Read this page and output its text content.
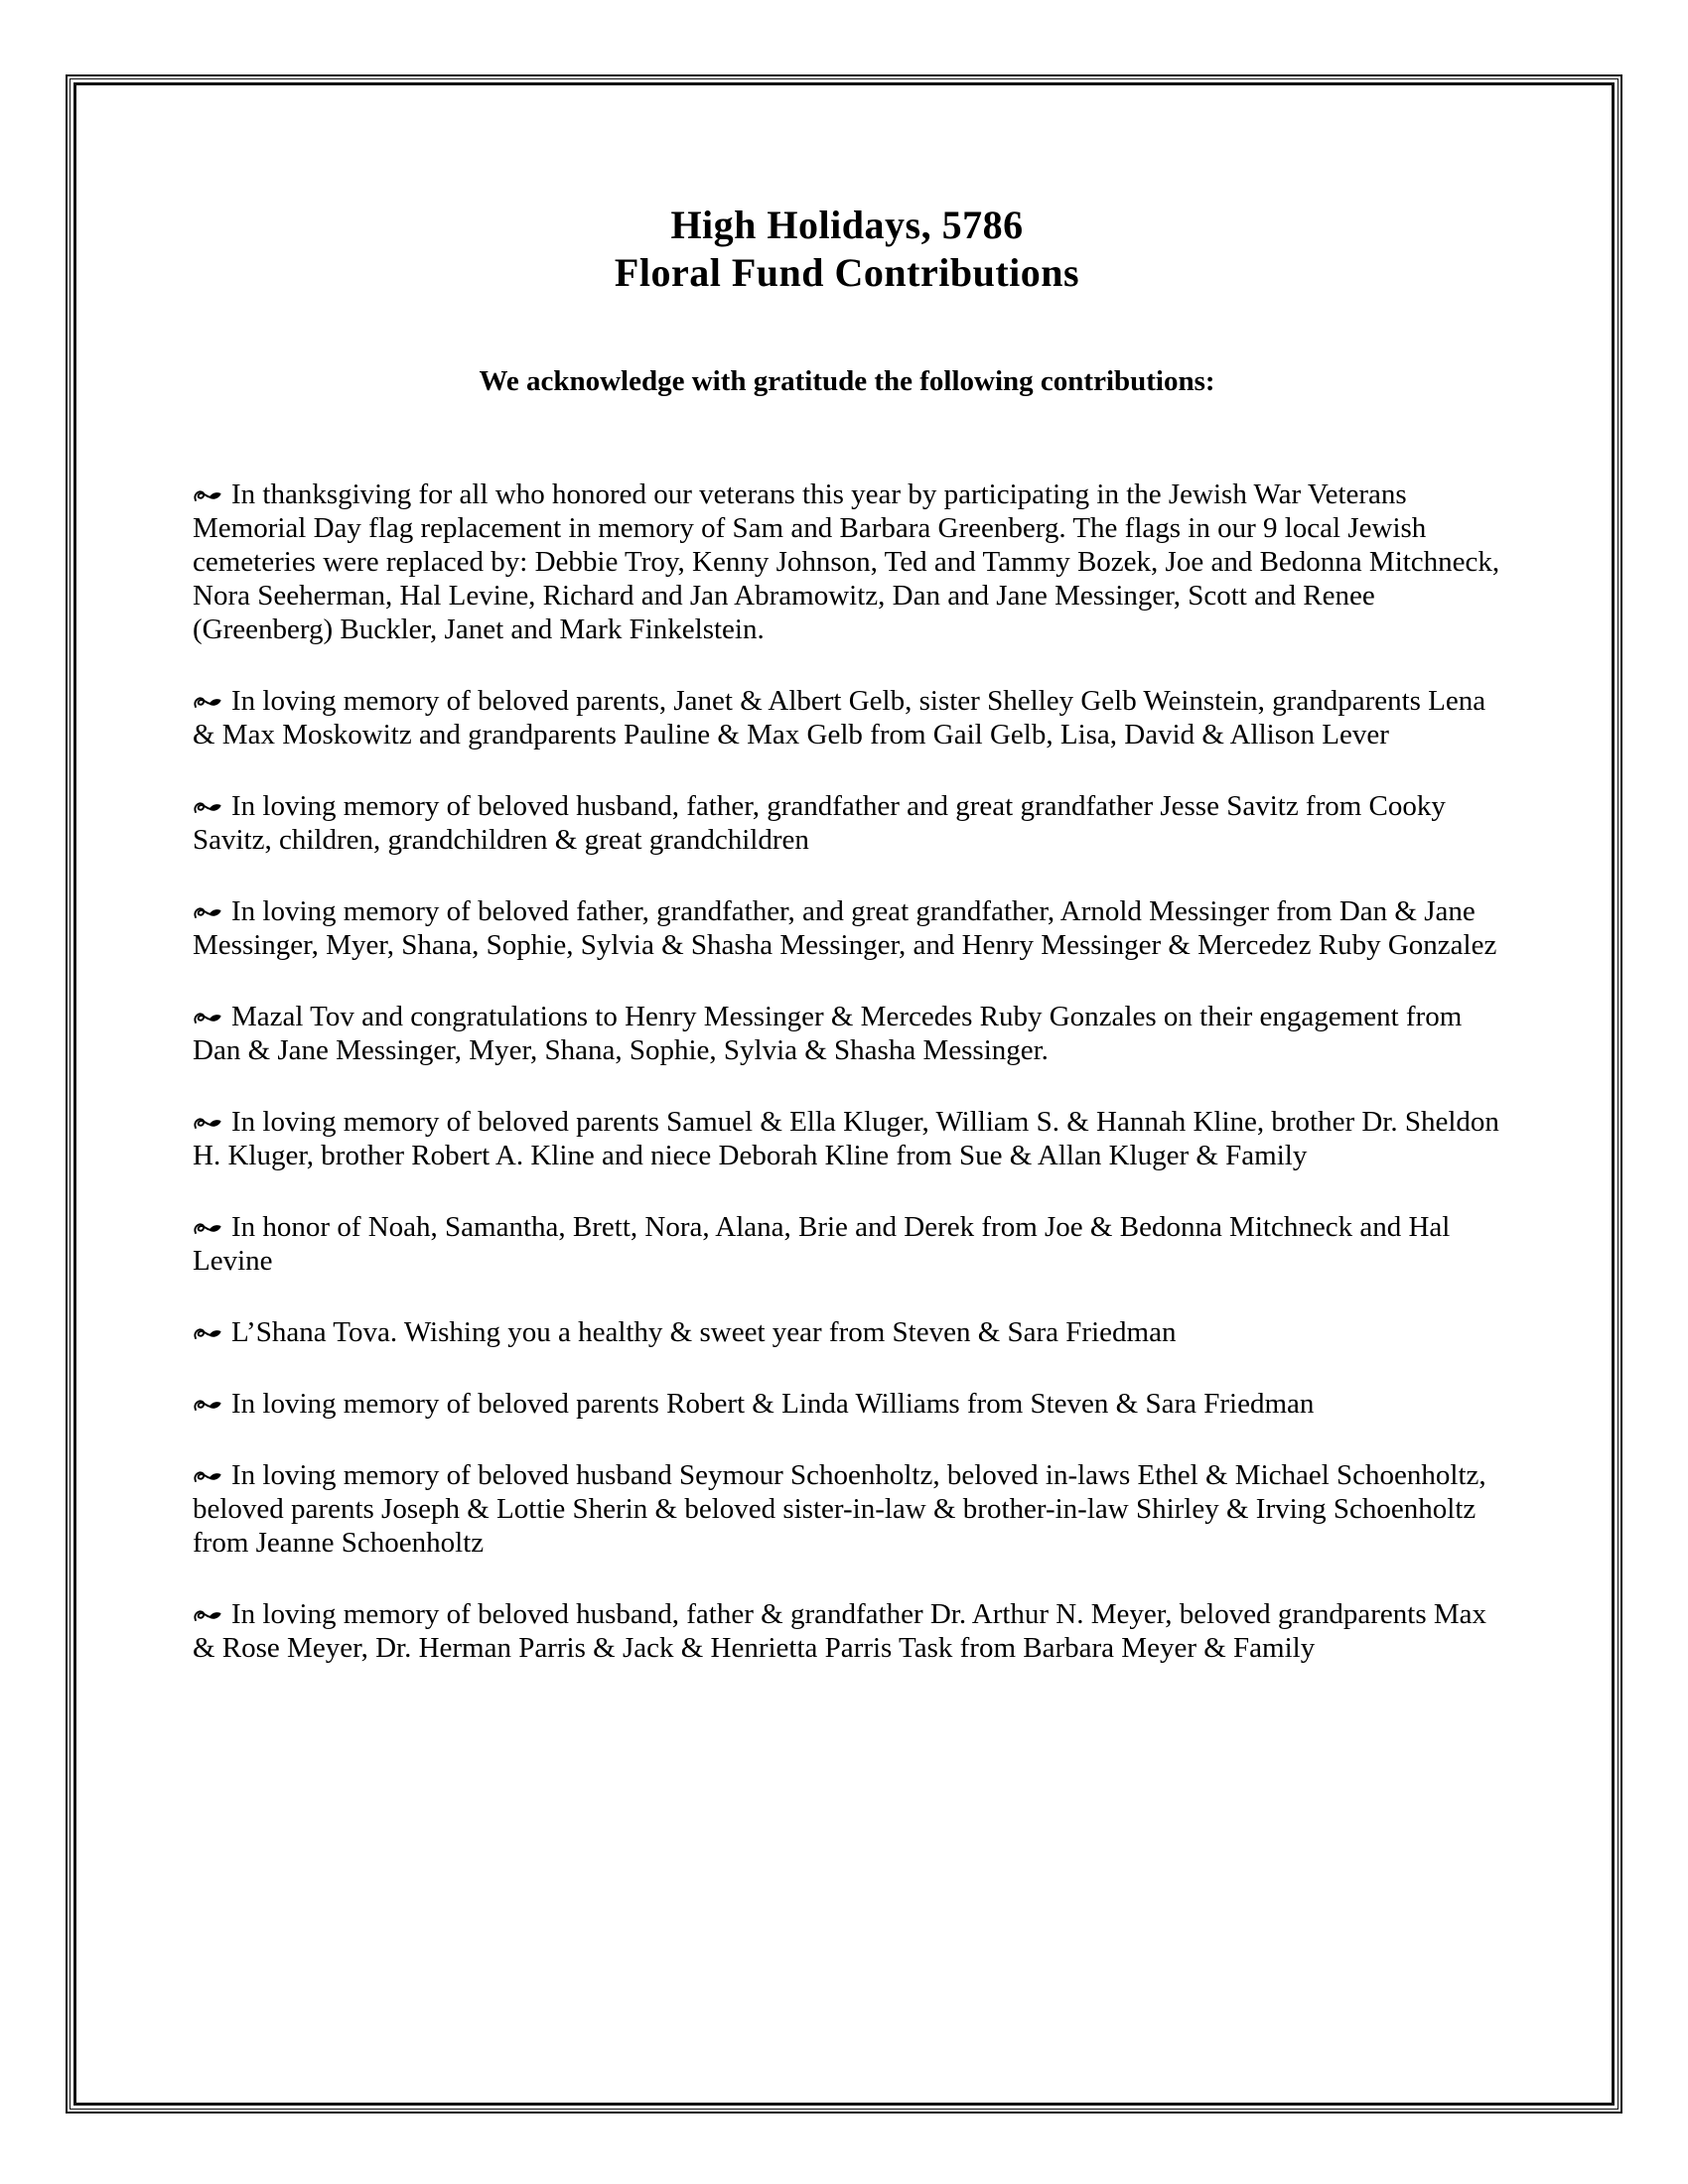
High Holidays, 5786
Floral Fund Contributions
We acknowledge with gratitude the following contributions:

In thanksgiving for all who honored our veterans this year by participating in the Jewish War Veterans Memorial Day flag replacement in memory of Sam and Barbara Greenberg. The flags in our 9 local Jewish cemeteries were replaced by: Debbie Troy, Kenny Johnson, Ted and Tammy Bozek, Joe and Bedonna Mitchneck, Nora Seeherman, Hal Levine, Richard and Jan Abramowitz, Dan and Jane Messinger, Scott and Renee (Greenberg) Buckler, Janet and Mark Finkelstein.

In loving memory of beloved parents, Janet & Albert Gelb, sister Shelley Gelb Weinstein, grandparents Lena & Max Moskowitz and grandparents Pauline & Max Gelb from Gail Gelb, Lisa, David & Allison Lever

In loving memory of beloved husband, father, grandfather and great grandfather Jesse Savitz from Cooky Savitz, children, grandchildren & great grandchildren

In loving memory of beloved father, grandfather, and great grandfather, Arnold Messinger from Dan & Jane Messinger, Myer, Shana, Sophie, Sylvia & Shasha Messinger, and Henry Messinger & Mercedez Ruby Gonzalez

Mazal Tov and congratulations to Henry Messinger & Mercedes Ruby Gonzales on their engagement from Dan & Jane Messinger, Myer, Shana, Sophie, Sylvia & Shasha Messinger.

In loving memory of beloved parents Samuel & Ella Kluger, William S. & Hannah Kline, brother Dr. Sheldon H. Kluger, brother Robert A. Kline and niece Deborah Kline from Sue & Allan Kluger & Family

In honor of Noah, Samantha, Brett, Nora, Alana, Brie and Derek from Joe & Bedonna Mitchneck and Hal Levine

L’Shana Tova. Wishing you a healthy & sweet year from Steven & Sara Friedman

In loving memory of beloved parents Robert & Linda Williams from Steven & Sara Friedman

In loving memory of beloved husband Seymour Schoenholtz, beloved in-laws Ethel & Michael Schoenholtz, beloved parents Joseph & Lottie Sherin & beloved sister-in-law & brother-in-law Shirley & Irving Schoenholtz from Jeanne Schoenholtz

In loving memory of beloved husband, father & grandfather Dr. Arthur N. Meyer, beloved grandparents Max & Rose Meyer, Dr. Herman Parris & Jack & Henrietta Parris Task from Barbara Meyer & Family
